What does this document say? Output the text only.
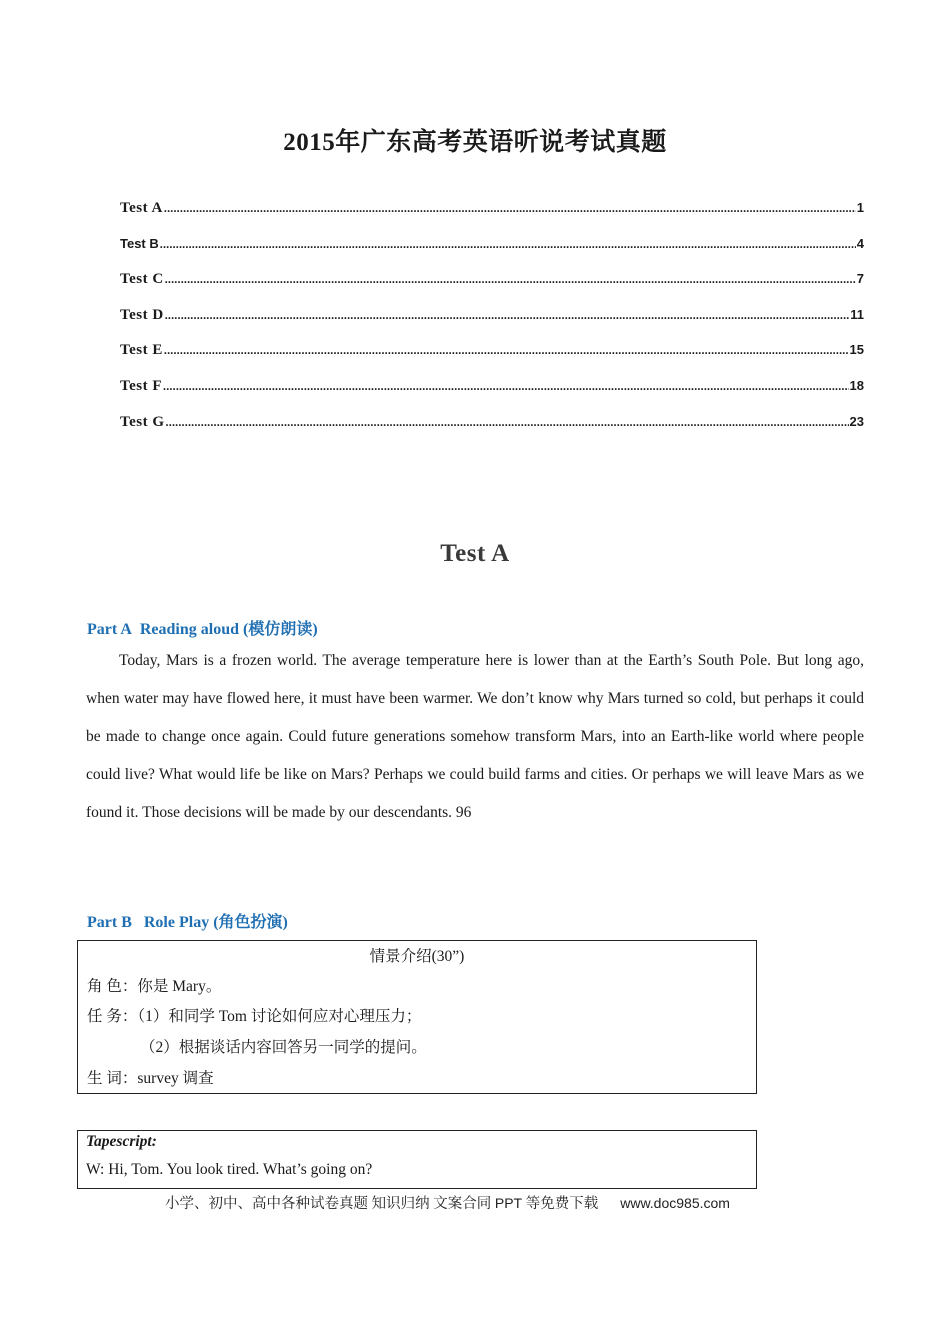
2015年广东高考英语听说考试真题
Test A .....	1
Test B .....	4
Test C .....	7
Test D .....	11
Test E .....	15
Test F .....	18
Test G .....	23
Test A
Part A Reading aloud (模仿朗读)
Today, Mars is a frozen world. The average temperature here is lower than at the Earth’s South Pole. But long ago, when water may have flowed here, it must have been warmer. We don’t know why Mars turned so cold, but perhaps it could be made to change once again. Could future generations somehow transform Mars, into an Earth-like world where people could live? What would life be like on Mars? Perhaps we could build farms and cities. Or perhaps we will leave Mars as we found it. Those decisions will be made by our descendants. 96
Part B Role Play (角色扮演)
情景介绍(30”)
角 色：你是 Mary。
任 务：（1）和同学 Tom 讨论如何应对心理压力；
（2）根据谈话内容回答另一同学的提问。
生 词：survey 调查
Tapescript:
W: Hi, Tom. You look tired. What’s going on?
小学、初中、高中各种试卷真题 知识归纳 文案合同 PPT 等免费下载 www.doc985.com
